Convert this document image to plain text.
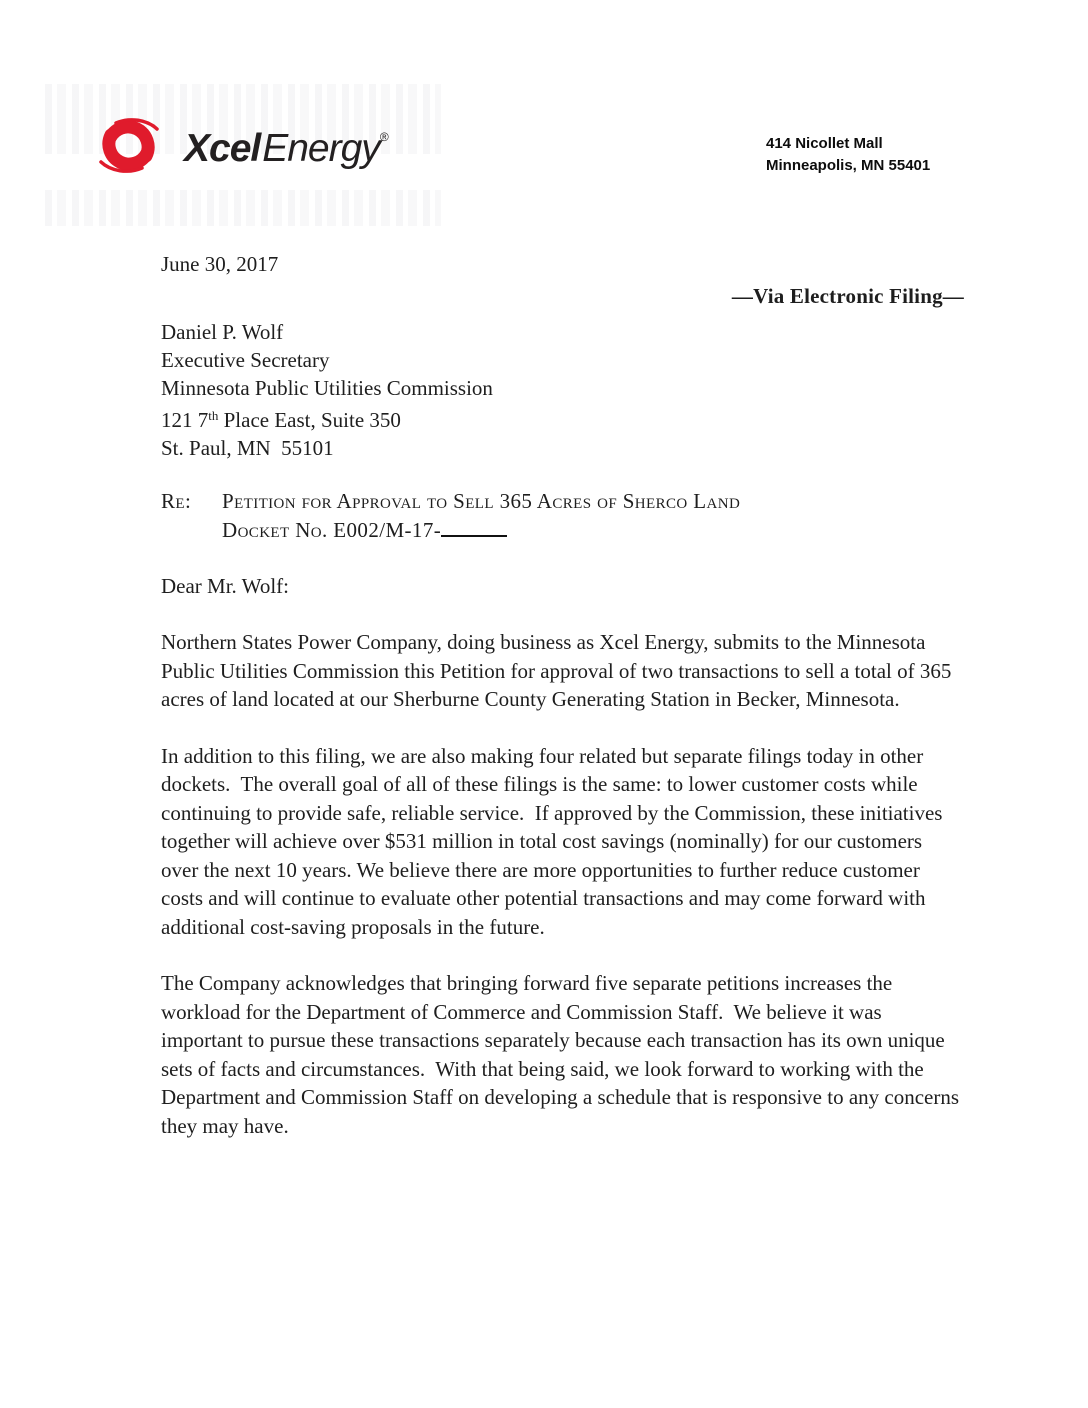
XcelEnergy®	414 Nicollet Mall
Minneapolis, MN 55401
June 30, 2017
—Via Electronic Filing—
Daniel P. Wolf
Executive Secretary
Minnesota Public Utilities Commission
121 7th Place East, Suite 350
St. Paul, MN  55101
Re:	Petition for Approval to Sell 365 Acres of Sherco Land
Docket No. E002/M-17-
Dear Mr. Wolf:

Northern States Power Company, doing business as Xcel Energy, submits to the Minnesota Public Utilities Commission this Petition for approval of two transactions to sell a total of 365 acres of land located at our Sherburne County Generating Station in Becker, Minnesota.

In addition to this filing, we are also making four related but separate filings today in other dockets.  The overall goal of all of these filings is the same: to lower customer costs while continuing to provide safe, reliable service.  If approved by the Commission, these initiatives together will achieve over $531 million in total cost savings (nominally) for our customers over the next 10 years. We believe there are more opportunities to further reduce customer costs and will continue to evaluate other potential transactions and may come forward with additional cost-saving proposals in the future.

The Company acknowledges that bringing forward five separate petitions increases the workload for the Department of Commerce and Commission Staff.  We believe it was important to pursue these transactions separately because each transaction has its own unique sets of facts and circumstances.  With that being said, we look forward to working with the Department and Commission Staff on developing a schedule that is responsive to any concerns they may have.
